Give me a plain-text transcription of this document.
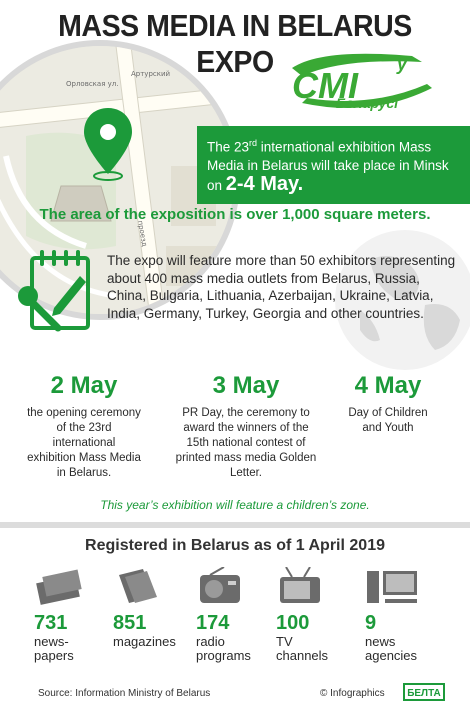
MASS MEDIA IN BELARUS EXPO
Орловская ул.
Артурский
проезд
СМІ
ў
Беларусі
The 23rd international exhibition Mass Media in Belarus will take place in Minsk on 2-4 May.
The area of the exposition is over 1,000 square meters.
The expo will feature more than 50 exhibitors representing about 400 mass media outlets from Belarus, Russia, China, Bulgaria, Lithuania, Azerbaijan, Ukraine, Latvia, India, Germany, Turkey, Georgia and other countries.
2 May
the opening ceremony of the 23rd international exhibition Mass Media in Belarus.
3 May
PR Day, the ceremony to award the winners of the 15th national contest of printed mass media Golden Letter.
4 May
Day of Children and Youth
This year’s exhibition will feature a children’s zone.
Registered in Belarus as of 1 April 2019
731
news-papers
851
magazines
174
radio programs
100
TV channels
9
news agencies
Source: Information Ministry of Belarus	© Infographics	БЕЛТА
